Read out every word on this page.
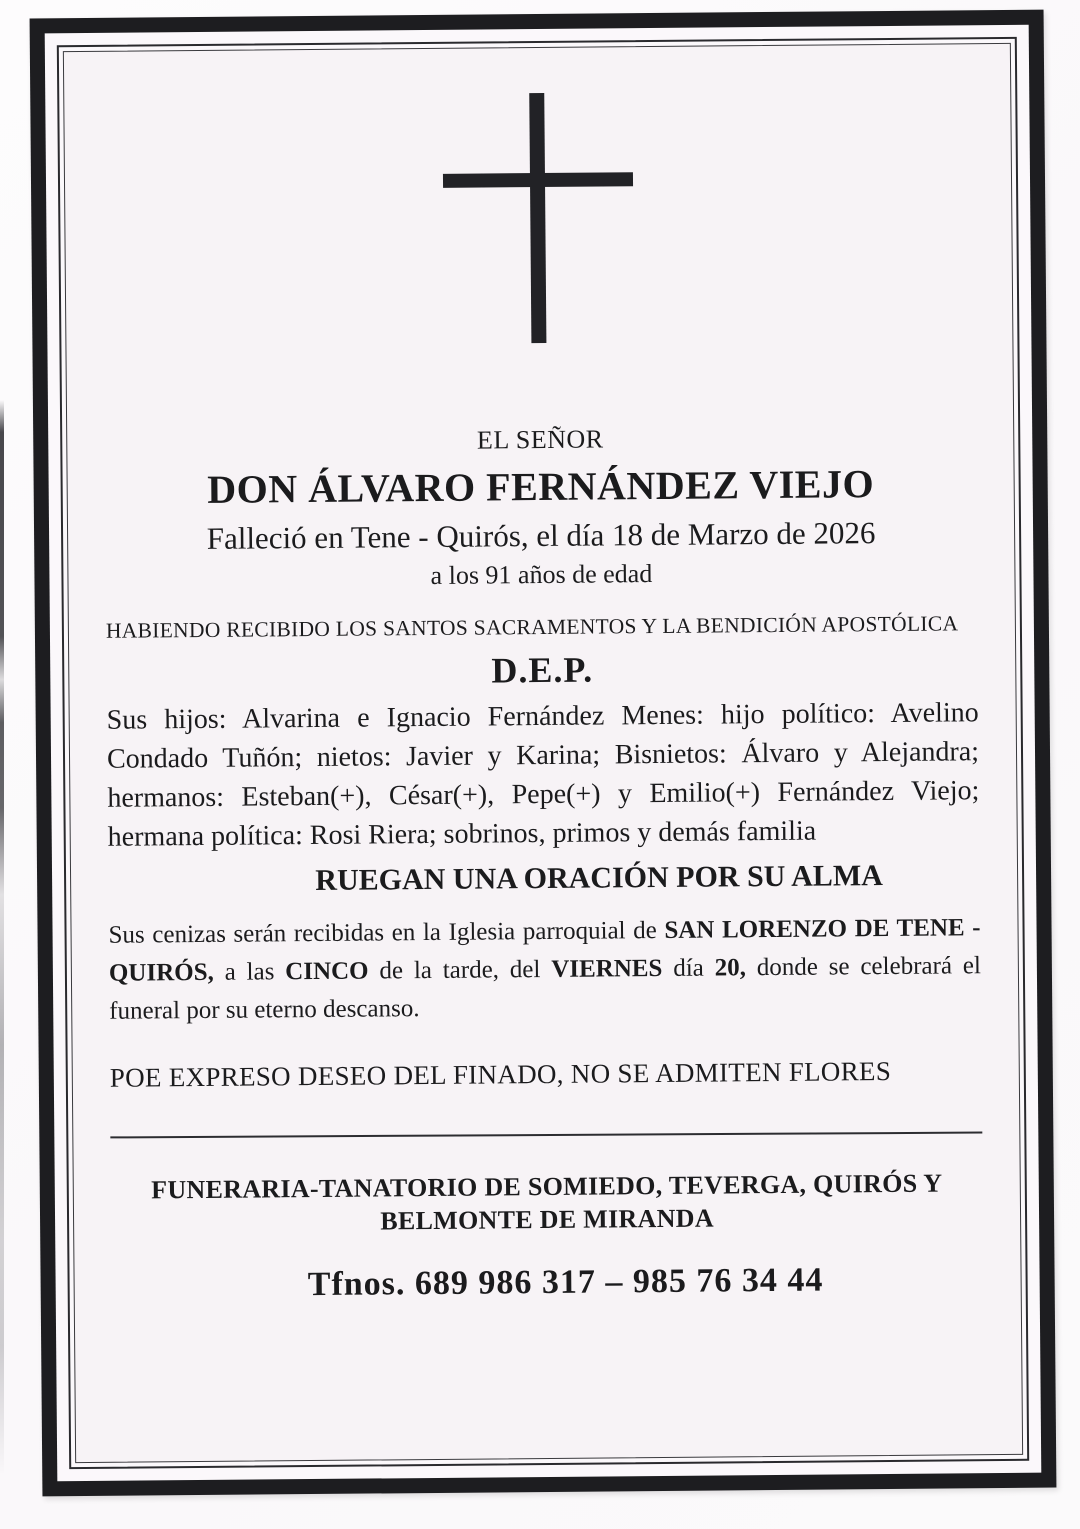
EL SEÑOR
DON ÁLVARO FERNÁNDEZ VIEJO
Falleció en Tene - Quirós, el día 18 de Marzo de 2026
a los 91 años de edad
HABIENDO RECIBIDO LOS SANTOS SACRAMENTOS Y LA BENDICIÓN APOSTÓLICA
D.E.P.
Sus hijos: Alvarina e Ignacio Fernández Menes: hijo político: Avelino Condado Tuñón; nietos: Javier y Karina; Bisnietos: Álvaro y Alejandra; hermanos: Esteban(+), César(+), Pepe(+) y Emilio(+) Fernández Viejo; hermana política: Rosi Riera; sobrinos, primos y demás familia
RUEGAN UNA ORACIÓN POR SU ALMA
Sus cenizas serán recibidas en la Iglesia parroquial de SAN LORENZO DE TENE - QUIRÓS, a las CINCO de la tarde, del VIERNES día 20, donde se celebrará el funeral por su eterno descanso.
POE EXPRESO DESEO DEL FINADO, NO SE ADMITEN FLORES
FUNERARIA-TANATORIO DE SOMIEDO, TEVERGA, QUIRÓS Y
BELMONTE DE MIRANDA
Tfnos. 689 986 317 – 985 76 34 44
